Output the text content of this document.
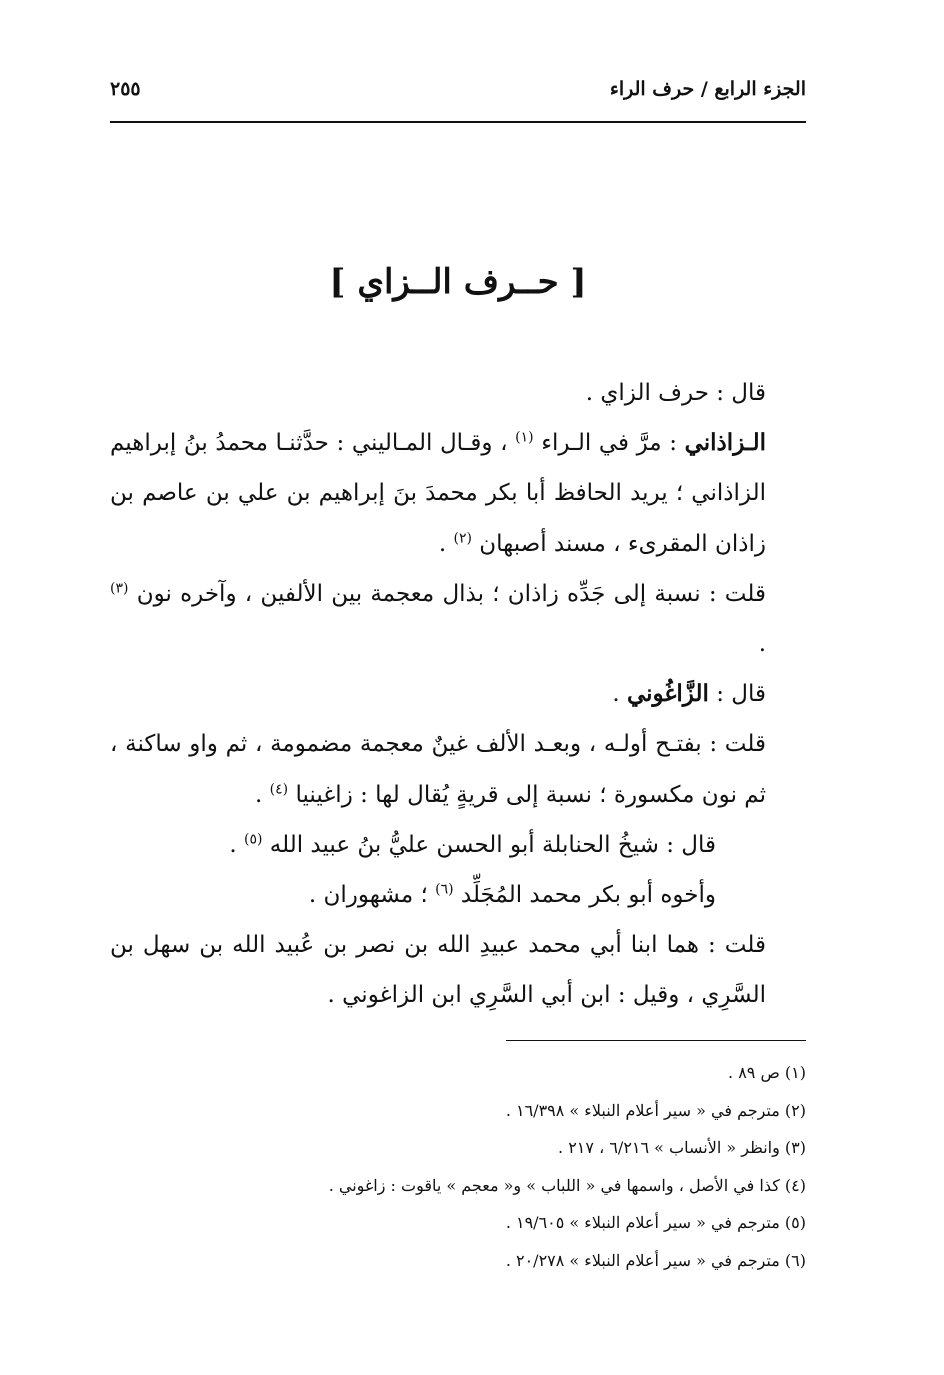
الجزء الرابع / حرف الراء
٢٥٥
[ حــرف الــزاي ]

قال : حرف الزاي .

الـزاذاني : مرَّ في الـراء $^{(١)}$ ، وقـال المـاليني : حدَّثنـا محمدُ بنُ إبراهيم الزاذاني ؛ يريد الحافظ أبا بكر محمدَ بنَ إبراهيم بن علي بن عاصم بن زاذان المقرىء ، مسند أصبهان $^{(٢)}$ .

قلت : نسبة إلى جَدِّه زاذان ؛ بذال معجمة بين الألفين ، وآخره نون $^{(٣)}$ .

قال : الزَّاغُوني .

قلت : بفتـح أولـه ، وبعـد الألف غينٌ معجمة مضمومة ، ثم واو ساكنة ، ثم نون مكسورة ؛ نسبة إلى قريةٍ يُقال لها : زاغينيا $^{(٤)}$ .

قال : شيخُ الحنابلة أبو الحسن عليُّ بنُ عبيد الله $^{(٥)}$ .

وأخوه أبو بكر محمد المُجَلِّد $^{(٦)}$ ؛ مشهوران .

قلت : هما ابنا أبي محمد عبيدِ الله بن نصر بن عُبيد الله بن سهل بن السَّرِي ، وقيل : ابن أبي السَّرِي ابن الزاغوني .

(١) ص ٨٩ .

(٢) مترجم في « سير أعلام النبلاء » ١٦/٣٩٨ .

(٣) وانظر « الأنساب » ٦/٢١٦ ، ٢١٧ .

(٤) كذا في الأصل ، واسمها في « اللباب » و« معجم » ياقوت : زاغوني .

(٥) مترجم في « سير أعلام النبلاء » ١٩/٦٠٥ .

(٦) مترجم في « سير أعلام النبلاء » ٢٠/٢٧٨ .
